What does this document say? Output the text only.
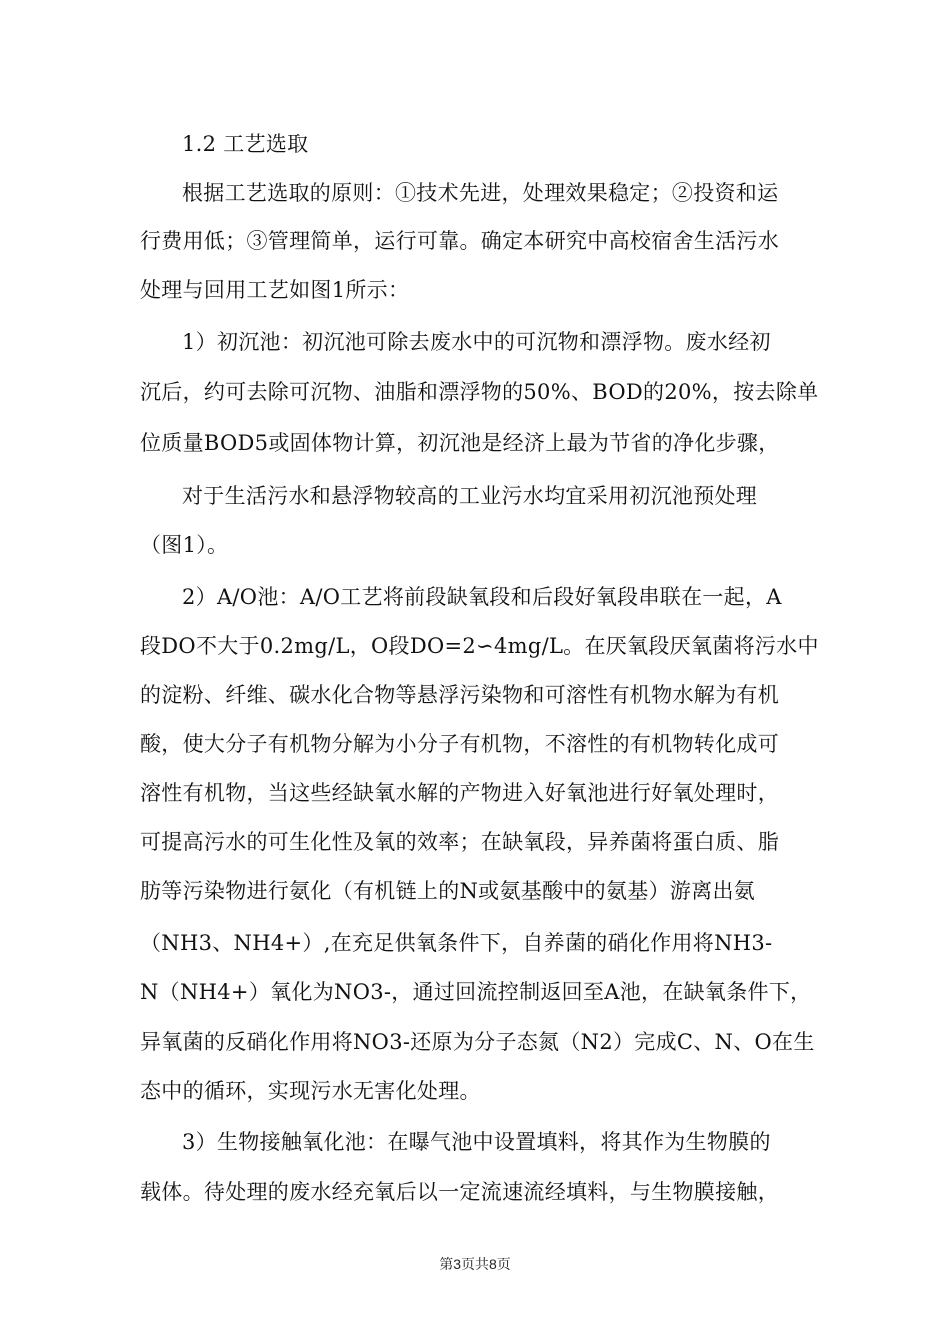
1.2 工艺选取
根据工艺选取的原则：①技术先进，处理效果稳定；②投资和运
行费用低；③管理简单，运行可靠。确定本研究中高校宿舍生活污水
处理与回用工艺如图1所示：
1）初沉池：初沉池可除去废水中的可沉物和漂浮物。废水经初
沉后，约可去除可沉物、油脂和漂浮物的50%、BOD的20%，按去除单
位质量BOD5或固体物计算，初沉池是经济上最为节省的净化步骤，
对于生活污水和悬浮物较高的工业污水均宜采用初沉池预处理
（图1）。
2）A/O池：A/O工艺将前段缺氧段和后段好氧段串联在一起，A
段DO不大于0.2mg/L，O段DO=2∽4mg/L。在厌氧段厌氧菌将污水中
的淀粉、纤维、碳水化合物等悬浮污染物和可溶性有机物水解为有机
酸，使大分子有机物分解为小分子有机物，不溶性的有机物转化成可
溶性有机物，当这些经缺氧水解的产物进入好氧池进行好氧处理时，
可提高污水的可生化性及氧的效率；在缺氧段，异养菌将蛋白质、脂
肪等污染物进行氨化（有机链上的N或氨基酸中的氨基）游离出氨
（NH3、NH4+）,在充足供氧条件下，自养菌的硝化作用将NH3-
N（NH4+）氧化为NO3-，通过回流控制返回至A池，在缺氧条件下，
异氧菌的反硝化作用将NO3-还原为分子态氮（N2）完成C、N、O在生
态中的循环，实现污水无害化处理。
3）生物接触氧化池：在曝气池中设置填料，将其作为生物膜的
载体。待处理的废水经充氧后以一定流速流经填料，与生物膜接触，
第3页共8页
